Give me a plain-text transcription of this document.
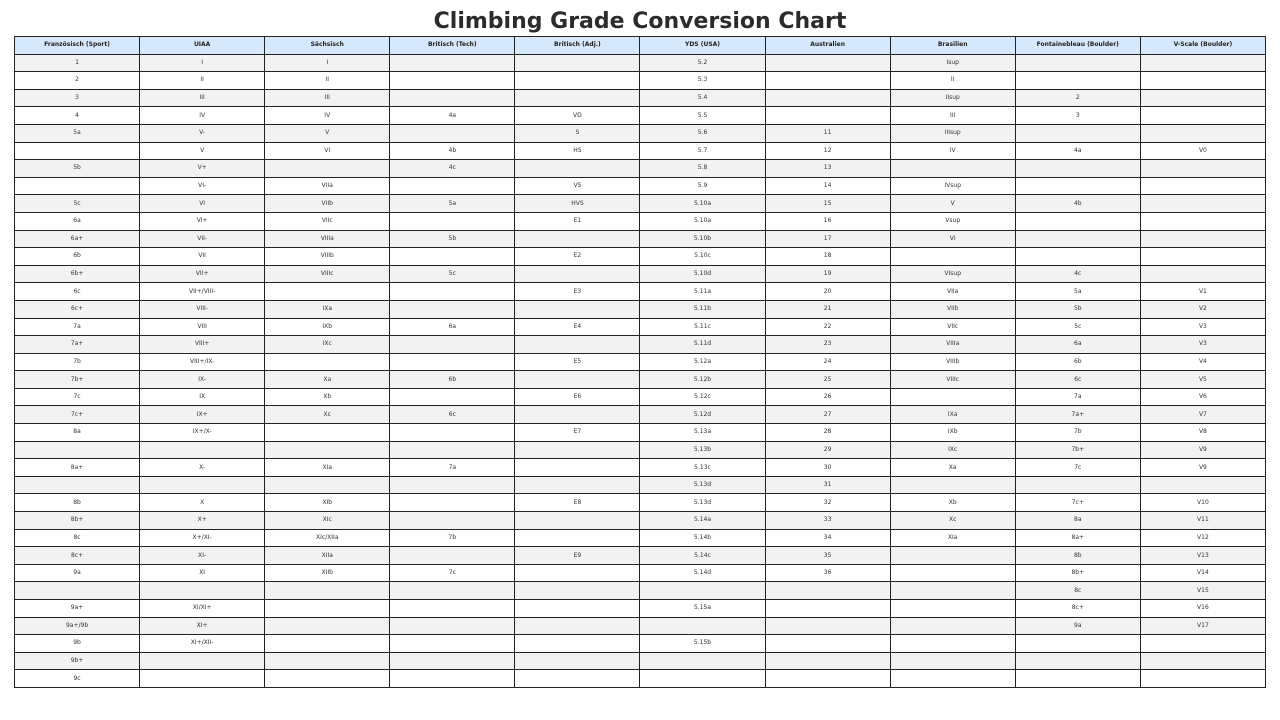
Climbing Grade Conversion Chart
Französisch (Sport)	UIAA	Sächsisch	Britisch (Tech)	Britisch (Adj.)	YDS (USA)	Australien	Brasilien	Fontainebleau (Boulder)	V-Scale (Boulder)
1	I	I			5.2		Isup		
2	II	II			5.3		II		
3	III	III			5.4		IIsup	2	
4	IV	IV	4a	VD	5.5		III	3	
5a	V-	V		S	5.6	11	IIIsup		
	V	VI	4b	HS	5.7	12	IV	4a	V0
5b	V+		4c		5.8	13			
	VI-	VIIa		VS	5.9	14	IVsup		
5c	VI	VIIb	5a	HVS	5.10a	15	V	4b	
6a	VI+	VIIc		E1	5.10a	16	Vsup		
6a+	VII-	VIIIa	5b		5.10b	17	VI		
6b	VII	VIIIb		E2	5.10c	18			
6b+	VII+	VIIIc	5c		5.10d	19	VIsup	4c	
6c	VII+/VIII-			E3	5.11a	20	VIIa	5a	V1
6c+	VIII-	IXa			5.11b	21	VIIb	5b	V2
7a	VIII	IXb	6a	E4	5.11c	22	VIIc	5c	V3
7a+	VIII+	IXc			5.11d	23	VIIIa	6a	V3
7b	VIII+/IX-			E5	5.12a	24	VIIIb	6b	V4
7b+	IX-	Xa	6b		5.12b	25	VIIIc	6c	V5
7c	IX	Xb		E6	5.12c	26		7a	V6
7c+	IX+	Xc	6c		5.12d	27	IXa	7a+	V7
8a	IX+/X-			E7	5.13a	28	IXb	7b	V8
					5.13b	29	IXc	7b+	V9
8a+	X-	XIa	7a		5.13c	30	Xa	7c	V9
					5.13d	31			
8b	X	XIb		E8	5.13d	32	Xb	7c+	V10
8b+	X+	XIc			5.14a	33	Xc	8a	V11
8c	X+/XI-	XIc/XIIa	7b		5.14b	34	XIa	8a+	V12
8c+	XI-	XIIa		E9	5.14c	35		8b	V13
9a	XI	XIIb	7c		5.14d	36		8b+	V14
								8c	V15
9a+	XI/XI+				5.15a			8c+	V16
9a+/9b	XI+							9a	V17
9b	XI+/XII-				5.15b				
9b+									
9c									
